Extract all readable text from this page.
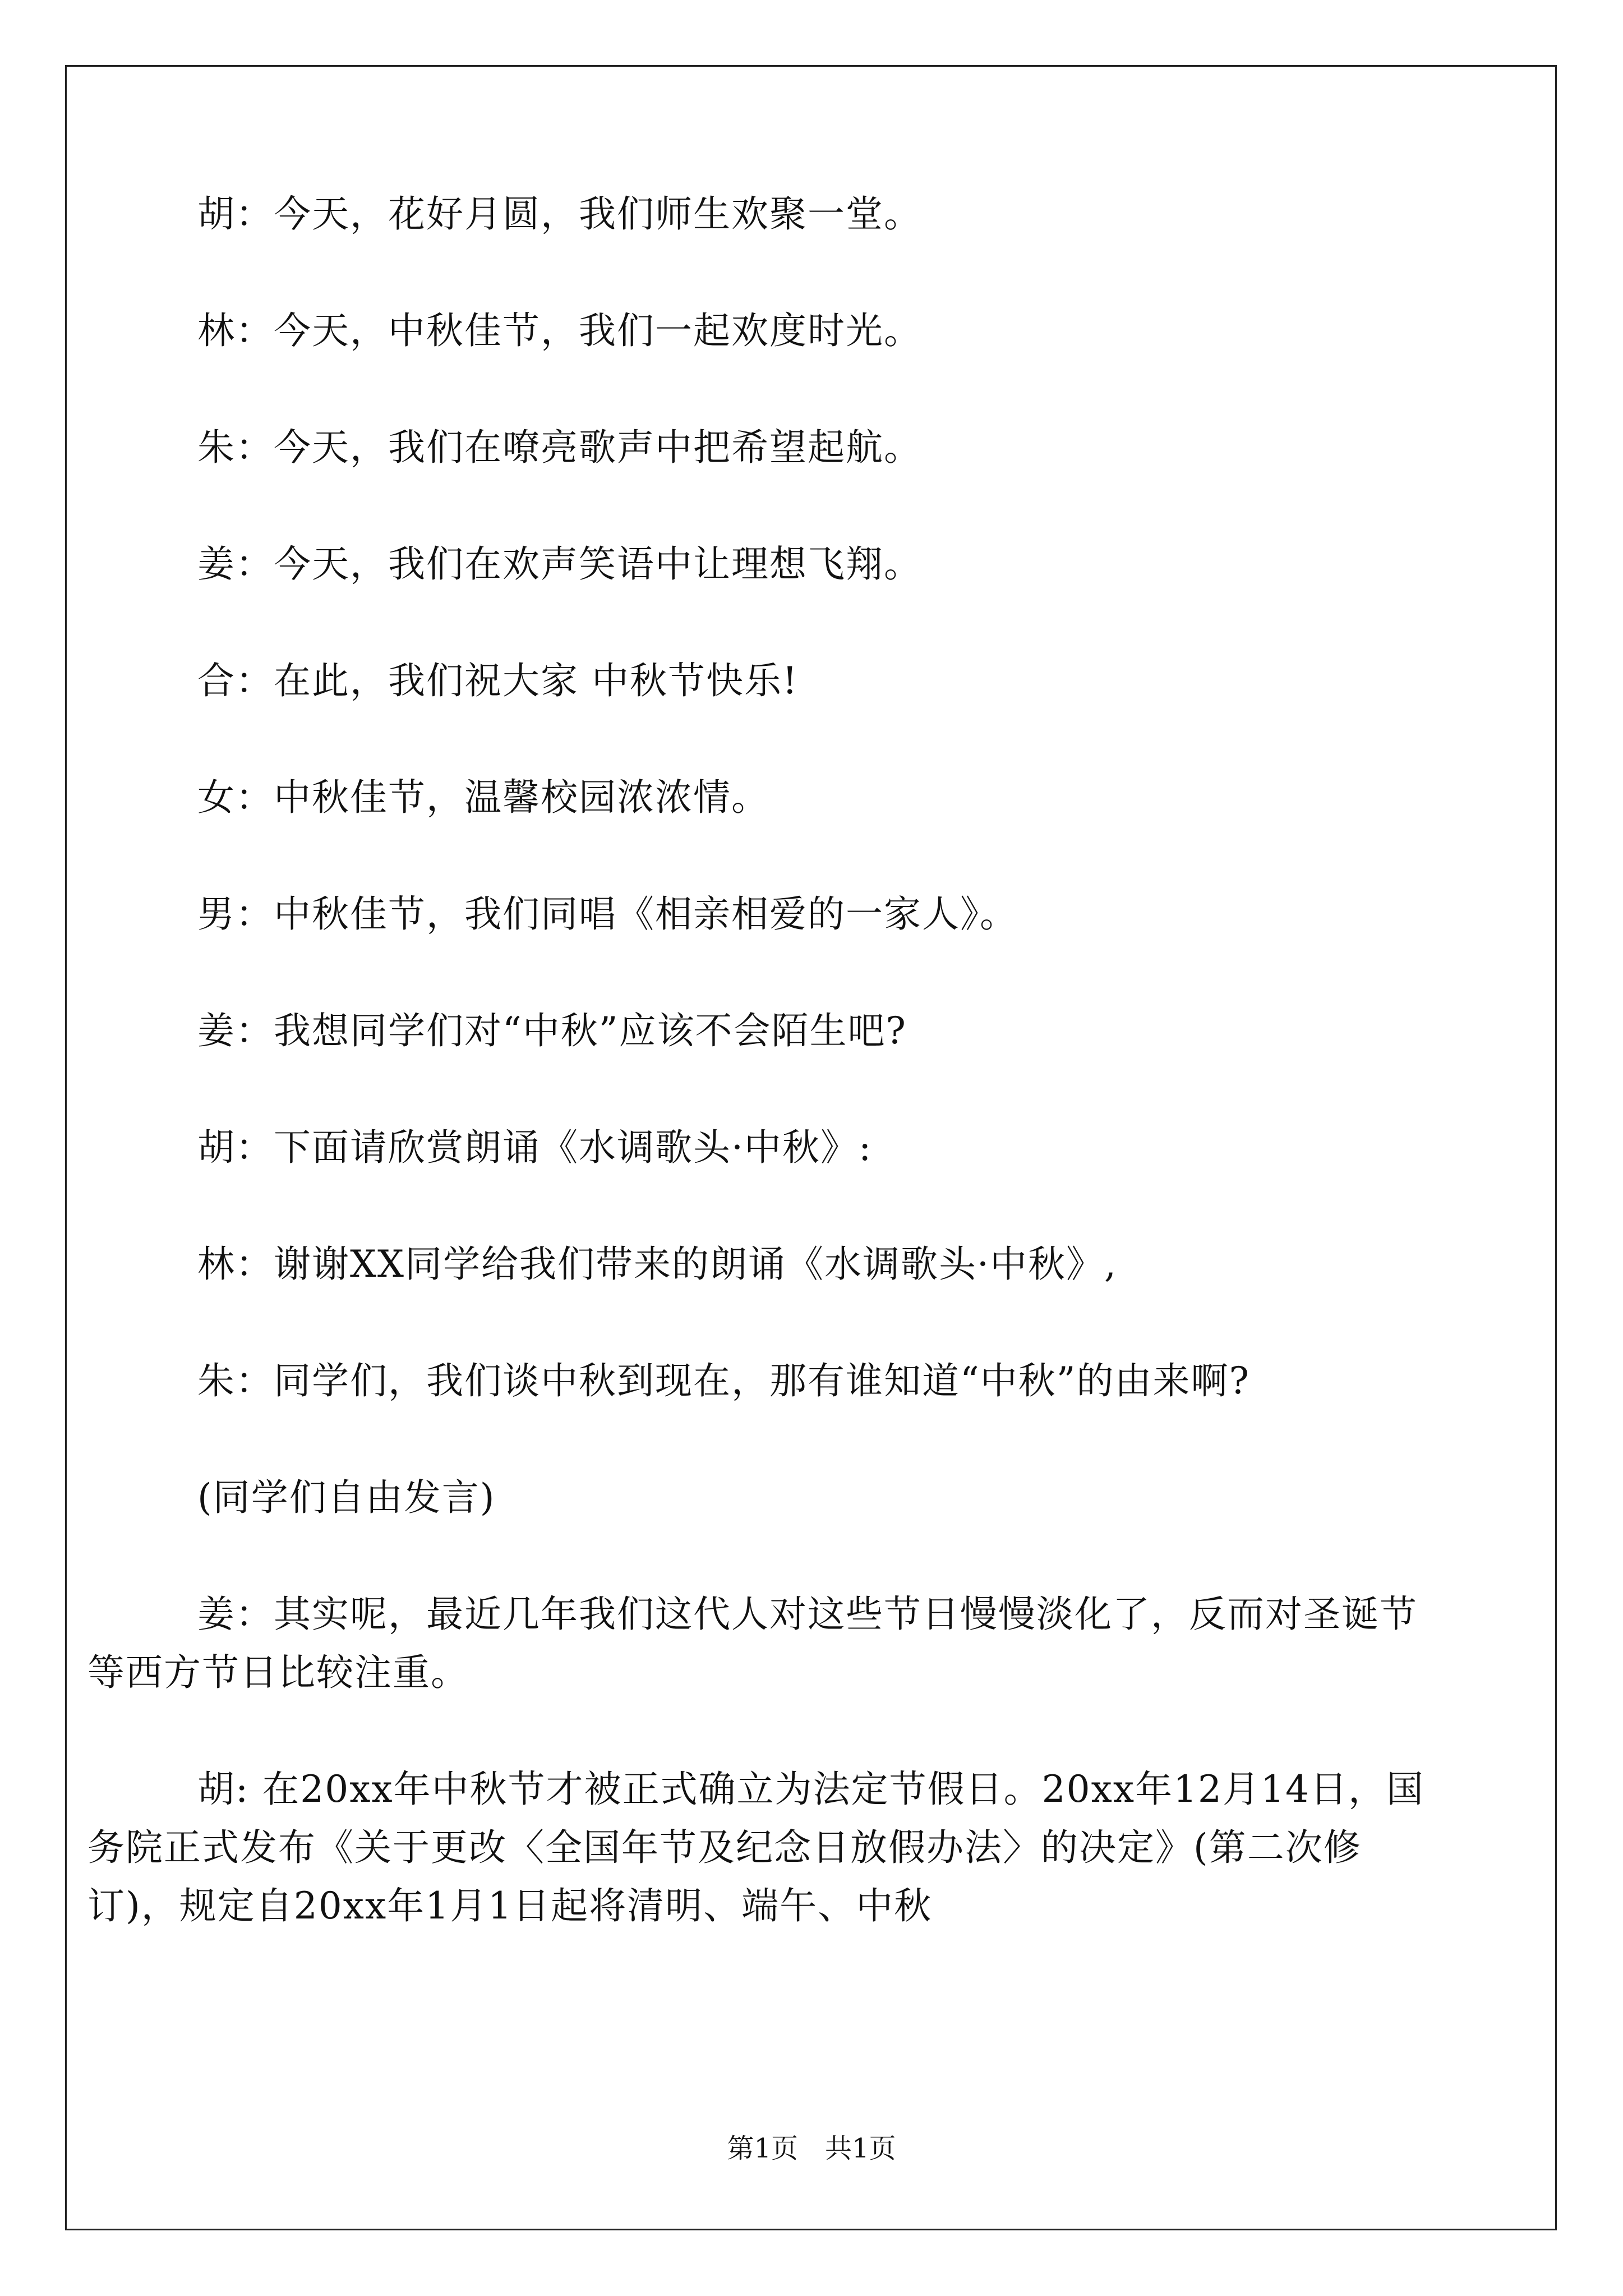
胡：今天，花好月圆，我们师生欢聚一堂。

林：今天，中秋佳节，我们一起欢度时光。

朱：今天，我们在嘹亮歌声中把希望起航。

姜：今天，我们在欢声笑语中让理想飞翔。

合：在此，我们祝大家 中秋节快乐!

女：中秋佳节，温馨校园浓浓情。

男：中秋佳节，我们同唱《相亲相爱的一家人》。

姜：我想同学们对“中秋”应该不会陌生吧?

胡：下面请欣赏朗诵《水调歌头·中秋》:

林：谢谢XX同学给我们带来的朗诵《水调歌头·中秋》,

朱：同学们，我们谈中秋到现在，那有谁知道“中秋”的由来啊?

(同学们自由发言)

姜：其实呢，最近几年我们这代人对这些节日慢慢淡化了，反而对圣诞节等西方节日比较注重。

胡: 在20xx年中秋节才被正式确立为法定节假日。20xx年12月14日，国务院正式发布《关于更改〈全国年节及纪念日放假办法〉的决定》(第二次修订)，规定自20xx年1月1日起将清明、端午、中秋

第1页　共1页
